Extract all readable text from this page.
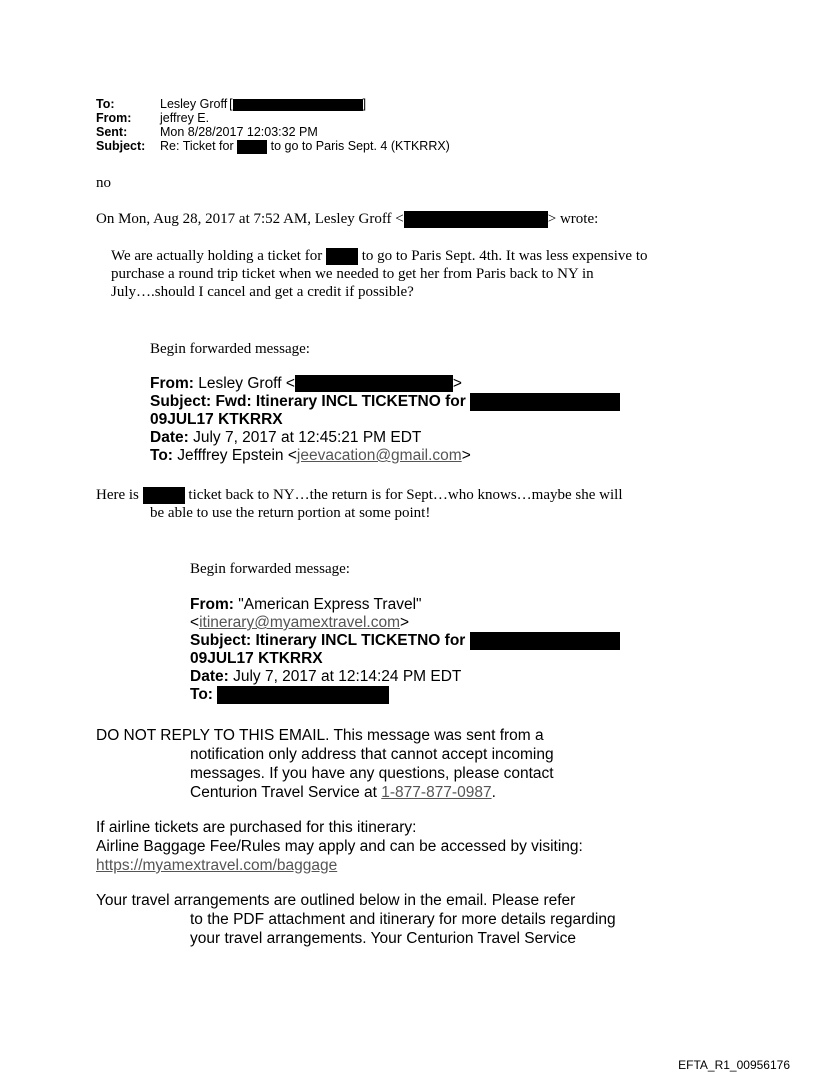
To:	Lesley Groff [	]
From:	jeffrey E.
Sent:	Mon 8/28/2017 12:03:32 PM
Subject:	Re: Ticket for	to go to Paris Sept. 4 (KTKRRX)
no
On Mon, Aug 28, 2017 at 7:52 AM, Lesley Groff <	> wrote:
We are actually holding a ticket for	to go to Paris Sept. 4th. It was less expensive to
purchase a round trip ticket when we needed to get her from Paris back to NY in
July….should I cancel and get a credit if possible?
Begin forwarded message:
From: Lesley Groff <	>
Subject: Fwd: Itinerary INCL TICKETNO for
09JUL17 KTKRRX
Date: July 7, 2017 at 12:45:21 PM EDT
To: Jefffrey Epstein <jeevacation@gmail.com>
Here is	ticket back to NY…the return is for Sept…who knows…maybe she will
be able to use the return portion at some point!
Begin forwarded message:
From: "American Express Travel"
<itinerary@myamextravel.com>
Subject: Itinerary INCL TICKETNO for
09JUL17 KTKRRX
Date: July 7, 2017 at 12:14:24 PM EDT
To:
DO NOT REPLY TO THIS EMAIL. This message was sent from a
notification only address that cannot accept incoming
messages. If you have any questions, please contact
Centurion Travel Service at 1-877-877-0987.
If airline tickets are purchased for this itinerary:
Airline Baggage Fee/Rules may apply and can be accessed by visiting:
https://myamextravel.com/baggage
Your travel arrangements are outlined below in the email. Please refer
to the PDF attachment and itinerary for more details regarding
your travel arrangements. Your Centurion Travel Service
EFTA_R1_00956176
